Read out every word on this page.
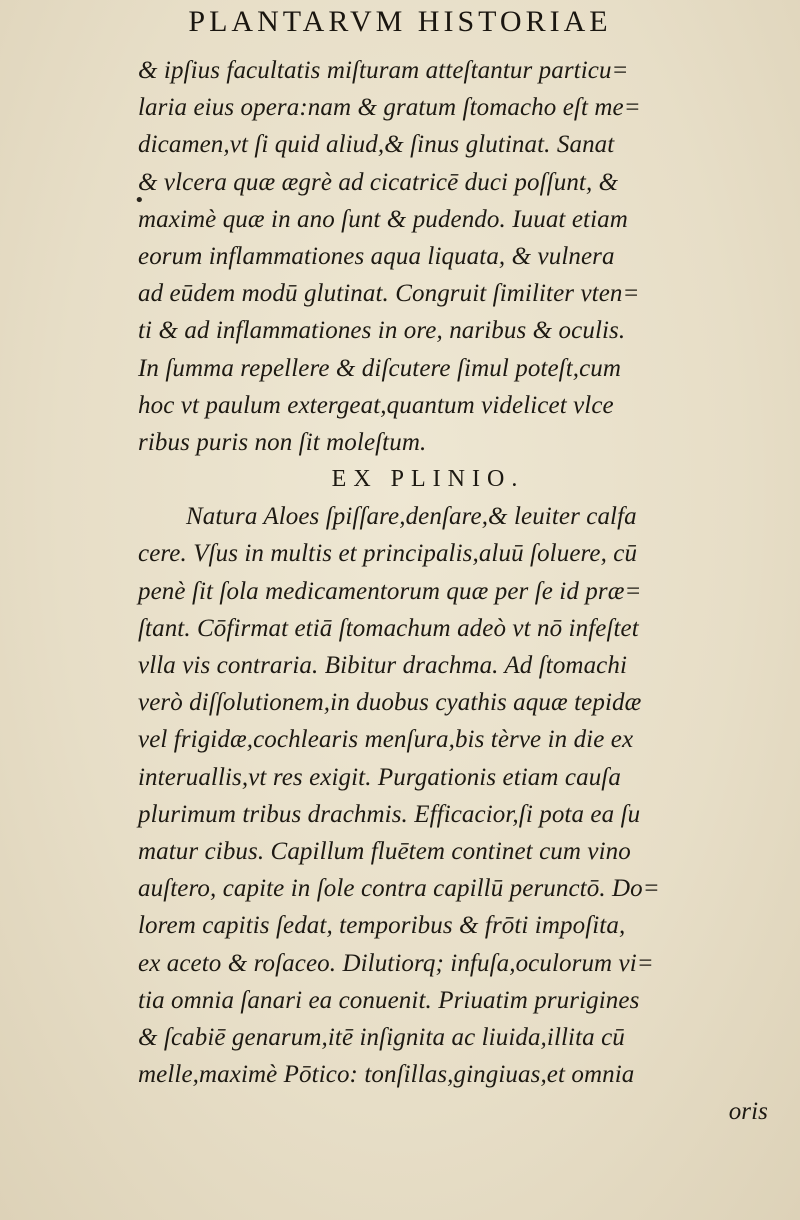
PLANTARVM HISTORIAE
•
& ipſius facultatis miſturam atteſtantur particu=
laria eius opera:nam & gratum ſtomacho eſt me=
dicamen,vt ſi quid aliud,& ſinus glutinat. Sanat
& vlcera quæ ægrè ad cicatricē duci poſſunt, &
maximè quæ in ano ſunt & pudendo. Iuuat etiam
eorum inflammationes aqua liquata, & vulnera
ad eūdem modū glutinat. Congruit ſimiliter vten=
ti & ad inflammationes in ore, naribus & oculis.
In ſumma repellere & diſcutere ſimul poteſt,cum
hoc vt paulum extergeat,quantum videlicet vlce
ribus puris non ſit moleſtum.
EX PLINIO.
Natura Aloes ſpiſſare,denſare,& leuiter calfa
cere. Vſus in multis et principalis,aluū ſoluere, cū
penè ſit ſola medicamentorum quæ per ſe id præ=
ſtant. Cōfirmat etiā ſtomachum adeò vt nō infeſtet
vlla vis contraria. Bibitur drachma. Ad ſtomachi
verò diſſolutionem,in duobus cyathis aquæ tepidæ
vel frigidæ,cochlearis menſura,bis tèrve in die ex
interuallis,vt res exigit. Purgationis etiam cauſa
plurimum tribus drachmis. Efficacior,ſi pota ea ſu
matur cibus. Capillum fluētem continet cum vino
auſtero, capite in ſole contra capillū perunctō. Do=
lorem capitis ſedat, temporibus & frōti impoſita,
ex aceto & roſaceo. Dilutiorq; infuſa,oculorum vi=
tia omnia ſanari ea conuenit. Priuatim prurigines
& ſcabiē genarum,itē inſignita ac liuida,illita cū
melle,maximè Pōtico: tonſillas,gingiuas,et omnia
oris
